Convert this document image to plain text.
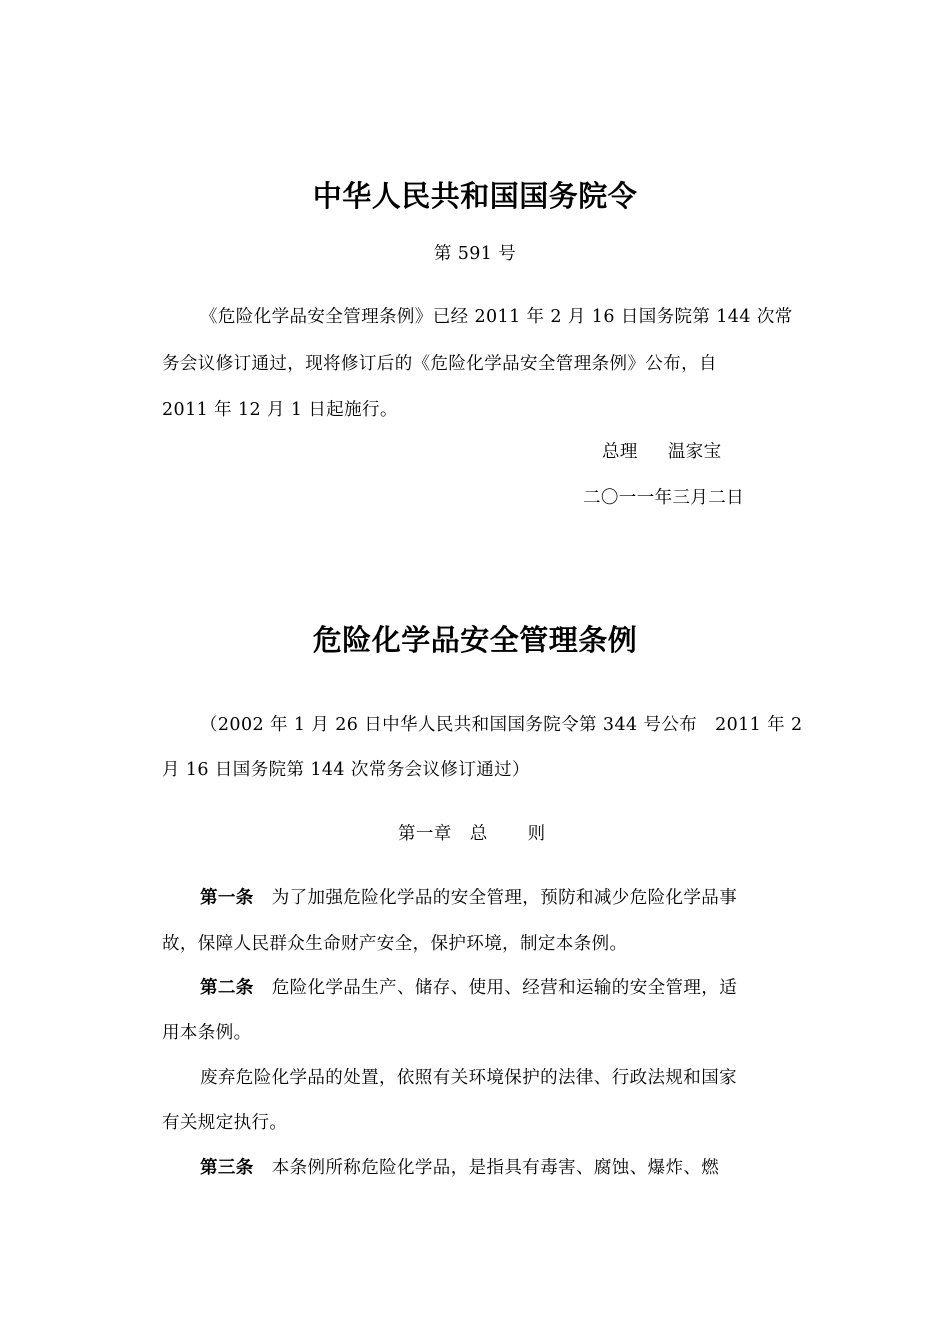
中华人民共和国国务院令
第 591 号
《危险化学品安全管理条例》已经 2011 年 2 月 16 日国务院第 144 次常
务会议修订通过，现将修订后的《危险化学品安全管理条例》公布，自
2011 年 12 月 1 日起施行。
总理 温家宝
二〇一一年三月二日
危险化学品安全管理条例
（2002 年 1 月 26 日中华人民共和国国务院令第 344 号公布　2011 年 2
月 16 日国务院第 144 次常务会议修订通过）
第一章 总 则
第一条 为了加强危险化学品的安全管理，预防和减少危险化学品事
故，保障人民群众生命财产安全，保护环境，制定本条例。
第二条 危险化学品生产、储存、使用、经营和运输的安全管理，适
用本条例。
废弃危险化学品的处置，依照有关环境保护的法律、行政法规和国家
有关规定执行。
第三条 本条例所称危险化学品，是指具有毒害、腐蚀、爆炸、燃
